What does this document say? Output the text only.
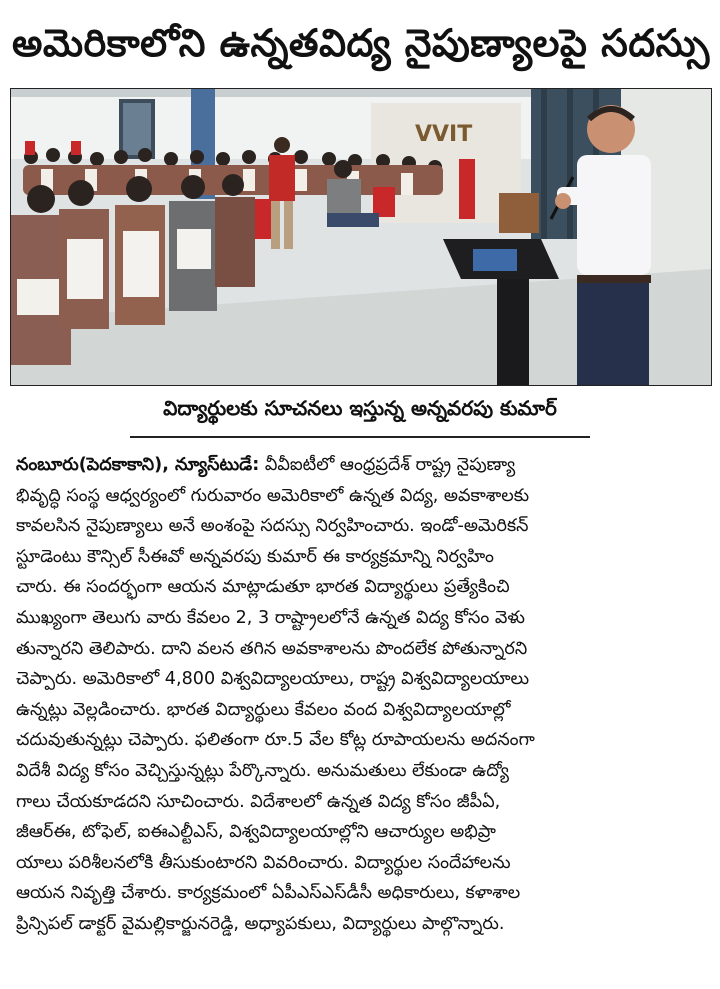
అమెరికాలోని ఉన్నతవిద్య నైపుణ్యాలపై సదస్సు
VVIT
విద్యార్థులకు సూచనలు ఇస్తున్న అన్నవరపు కుమార్

నంబూరు(పెదకాకాని), న్యూస్‌టుడే: వీవీఐటీలో ఆంధ్రప్రదేశ్ రాష్ట్ర నైపుణ్యా
భివృద్ధి సంస్థ ఆధ్వర్యంలో గురువారం అమెరికాలో ఉన్నత విద్య, అవకాశాలకు
కావలసిన నైపుణ్యాలు అనే అంశంపై సదస్సు నిర్వహించారు. ఇండో-అమెరికన్
స్టూడెంటు కౌన్సిల్ సీఈవో అన్నవరపు కుమార్ ఈ కార్యక్రమాన్ని నిర్వహిం
చారు. ఈ సందర్భంగా ఆయన మాట్లాడుతూ భారత విద్యార్థులు ప్రత్యేకించి
ముఖ్యంగా తెలుగు వారు కేవలం 2, 3 రాష్ట్రాలలోనే ఉన్నత విద్య కోసం వెళు
తున్నారని తెలిపారు. దాని వలన తగిన అవకాశాలను పొందలేక పోతున్నారని
చెప్పారు. అమెరికాలో 4,800 విశ్వవిద్యాలయాలు, రాష్ట్ర విశ్వవిద్యాలయాలు
ఉన్నట్లు వెల్లడించారు. భారత విద్యార్థులు కేవలం వంద విశ్వవిద్యాలయాల్లో
చదువుతున్నట్లు చెప్పారు. ఫలితంగా రూ.5 వేల కోట్ల రూపాయలను అదనంగా
విదేశీ విద్య కోసం వెచ్చిస్తున్నట్లు పేర్కొన్నారు. అనుమతులు లేకుండా ఉద్యో
గాలు చేయకూడదని సూచించారు. విదేశాలలో ఉన్నత విద్య కోసం జీపీఏ,
జీఆర్ఈ, టోఫెల్, ఐఈఎల్టీఎస్, విశ్వవిద్యాలయాల్లోని ఆచార్యుల అభిప్రా
యాలు పరిశీలనలోకి తీసుకుంటారని వివరించారు. విద్యార్థుల సందేహాలను
ఆయన నివృత్తి చేశారు. కార్యక్రమంలో ఏపీఎస్ఎస్‌డీసీ అధికారులు, కళాశాల
ప్రిన్సిపల్ డాక్టర్ వైమల్లికార్జునరెడ్డి, అధ్యాపకులు, విద్యార్థులు పాల్గొన్నారు.
